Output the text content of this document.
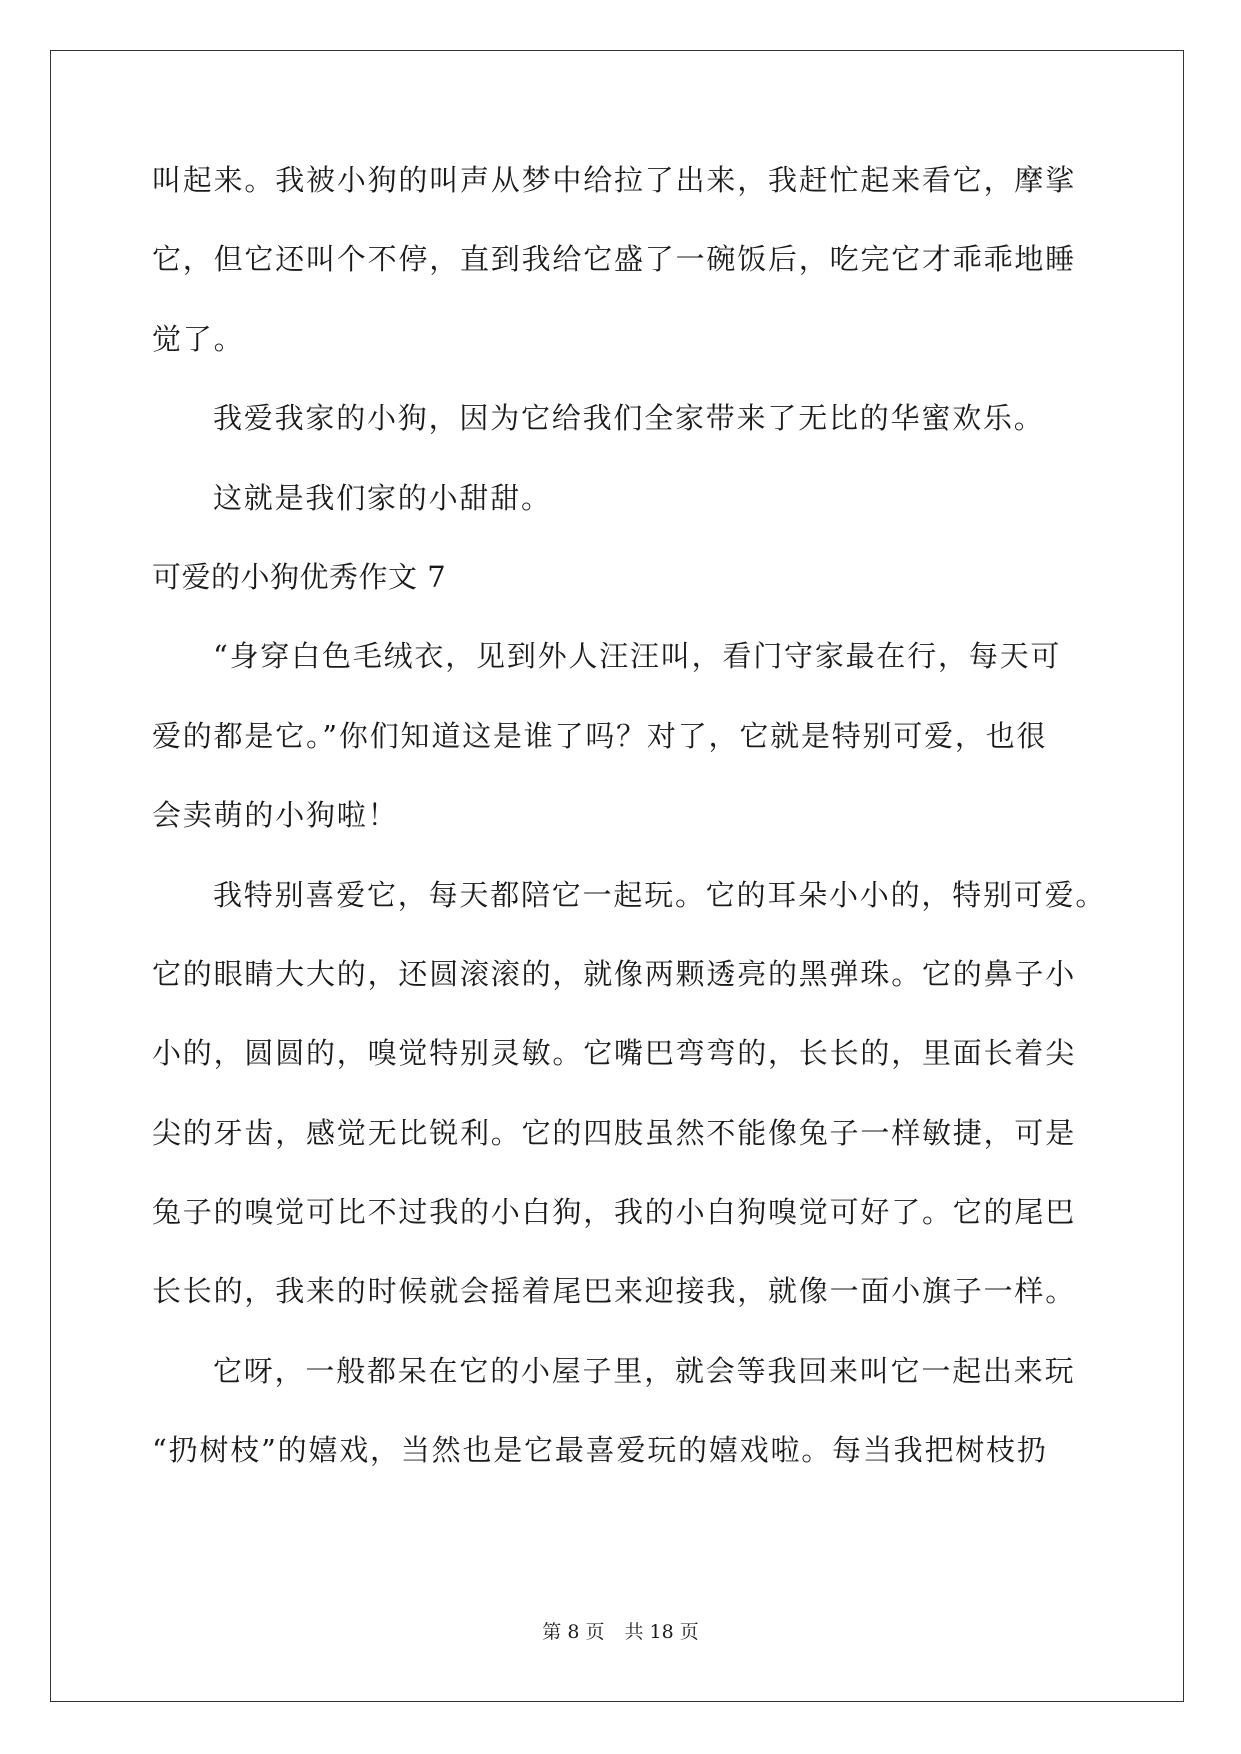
叫起来。我被小狗的叫声从梦中给拉了出来，我赶忙起来看它，摩挲
它，但它还叫个不停，直到我给它盛了一碗饭后，吃完它才乖乖地睡
觉了。
我爱我家的小狗，因为它给我们全家带来了无比的华蜜欢乐。
这就是我们家的小甜甜。
可爱的小狗优秀作文 7
“身穿白色毛绒衣，见到外人汪汪叫，看门守家最在行，每天可
爱的都是它。”你们知道这是谁了吗？对了，它就是特别可爱，也很
会卖萌的小狗啦！
我特别喜爱它，每天都陪它一起玩。它的耳朵小小的，特别可爱。
它的眼睛大大的，还圆滚滚的，就像两颗透亮的黑弹珠。它的鼻子小
小的，圆圆的，嗅觉特别灵敏。它嘴巴弯弯的，长长的，里面长着尖
尖的牙齿，感觉无比锐利。它的四肢虽然不能像兔子一样敏捷，可是
兔子的嗅觉可比不过我的小白狗，我的小白狗嗅觉可好了。它的尾巴
长长的，我来的时候就会摇着尾巴来迎接我，就像一面小旗子一样。
它呀，一般都呆在它的小屋子里，就会等我回来叫它一起出来玩
“扔树枝”的嬉戏，当然也是它最喜爱玩的嬉戏啦。每当我把树枝扔
第 8 页 共 18 页
